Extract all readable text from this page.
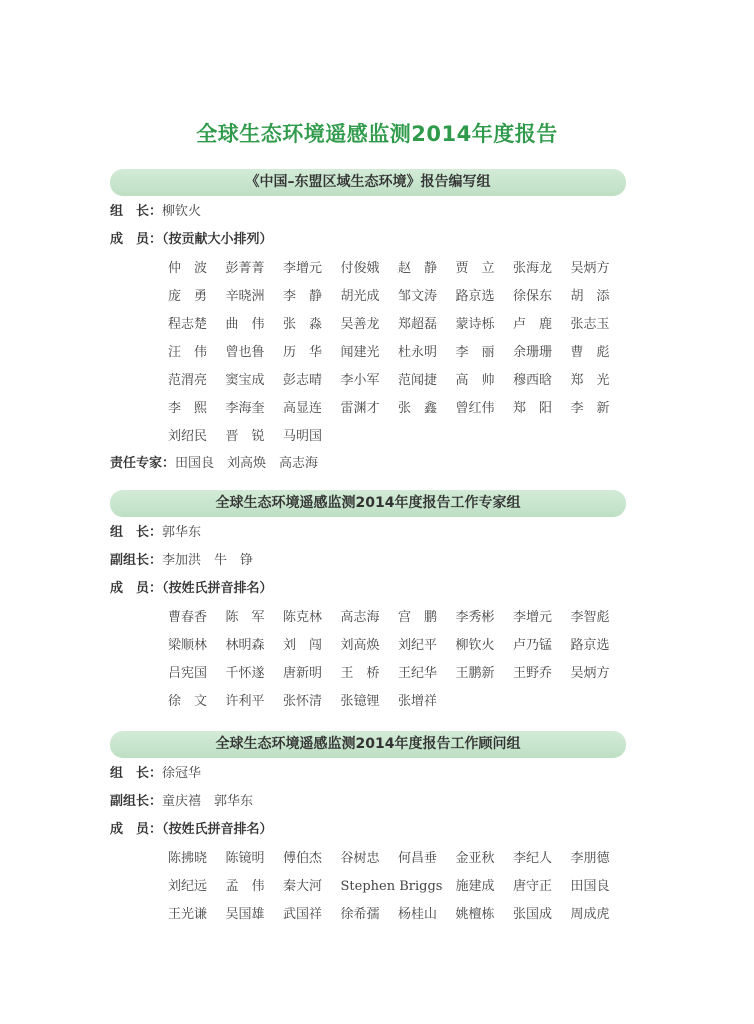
全球生态环境遥感监测2014年度报告
《中国–东盟区域生态环境》报告编写组
组　长：柳钦火
成　员：（按贡献大小排列）
仲　波	彭菁菁	李增元	付俊娥	赵　静	贾　立	张海龙	吴炳方
庞　勇	辛晓洲	李　静	胡光成	邹文涛	路京选	徐保东	胡　添
程志楚	曲　伟	张　淼	吴善龙	郑超磊	蒙诗栎	卢　鹿	张志玉
汪　伟	曾也鲁	历　华	闻建光	杜永明	李　丽	余珊珊	曹　彪
范渭亮	窦宝成	彭志晴	李小军	范闻捷	高　帅	穆西晗	郑　光
李　熙	李海奎	高显连	雷渊才	张　鑫	曾红伟	郑　阳	李　新
刘绍民	晋　锐	马明国
责任专家：田国良　刘高焕　高志海
全球生态环境遥感监测2014年度报告工作专家组
组　长：郭华东
副组长：李加洪　牛　铮
成　员：（按姓氏拼音排名）
曹春香	陈　军	陈克林	高志海	宫　鹏	李秀彬	李增元	李智彪
梁顺林	林明森	刘　闯	刘高焕	刘纪平	柳钦火	卢乃锰	路京选
吕宪国	千怀遂	唐新明	王　桥	王纪华	王鹏新	王野乔	吴炳方
徐　文	许利平	张怀清	张镱锂	张增祥
全球生态环境遥感监测2014年度报告工作顾问组
组　长：徐冠华
副组长：童庆禧　郭华东
成　员：（按姓氏拼音排名）
陈拂晓	陈镜明	傅伯杰	谷树忠	何昌垂	金亚秋	李纪人	李朋德
刘纪远	孟　伟	秦大河	Stephen Briggs	施建成	唐守正	田国良
王光谦	吴国雄	武国祥	徐希孺	杨桂山	姚檀栋	张国成	周成虎
